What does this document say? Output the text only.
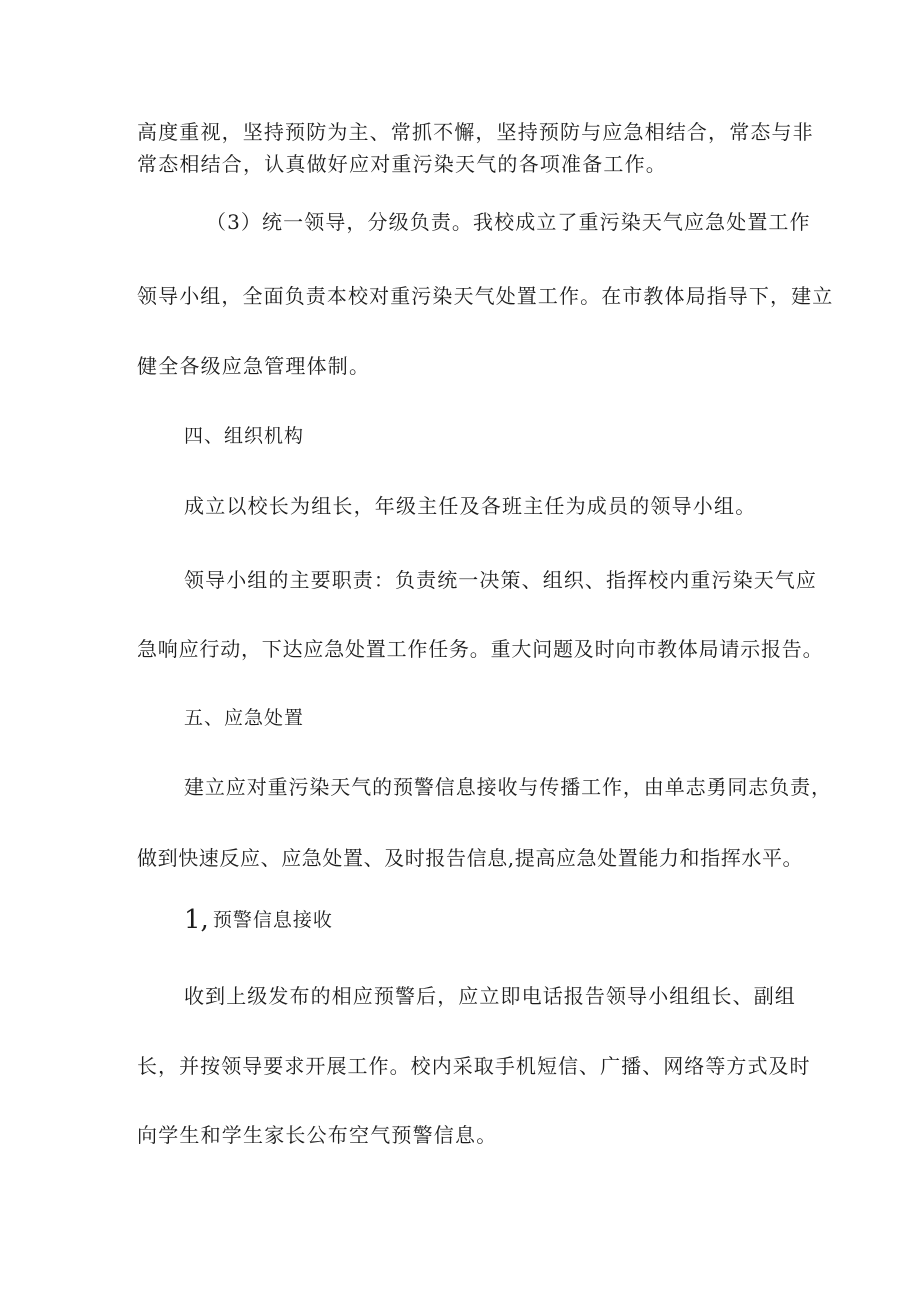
高度重视，坚持预防为主、常抓不懈，坚持预防与应急相结合，常态与非
常态相结合，认真做好应对重污染天气的各项准备工作。
（3）统一领导，分级负责。我校成立了重污染天气应急处置工作
领导小组，全面负责本校对重污染天气处置工作。在市教体局指导下，建立
健全各级应急管理体制。
四、组织机构
成立以校长为组长，年级主任及各班主任为成员的领导小组。
领导小组的主要职责：负责统一决策、组织、指挥校内重污染天气应
急响应行动，下达应急处置工作任务。重大问题及时向市教体局请示报告。
五、应急处置
建立应对重污染天气的预警信息接收与传播工作，由单志勇同志负责，
做到快速反应、应急处置、及时报告信息,提高应急处置能力和指挥水平。
1, 预警信息接收
收到上级发布的相应预警后，应立即电话报告领导小组组长、副组
长，并按领导要求开展工作。校内采取手机短信、广播、网络等方式及时
向学生和学生家长公布空气预警信息。
